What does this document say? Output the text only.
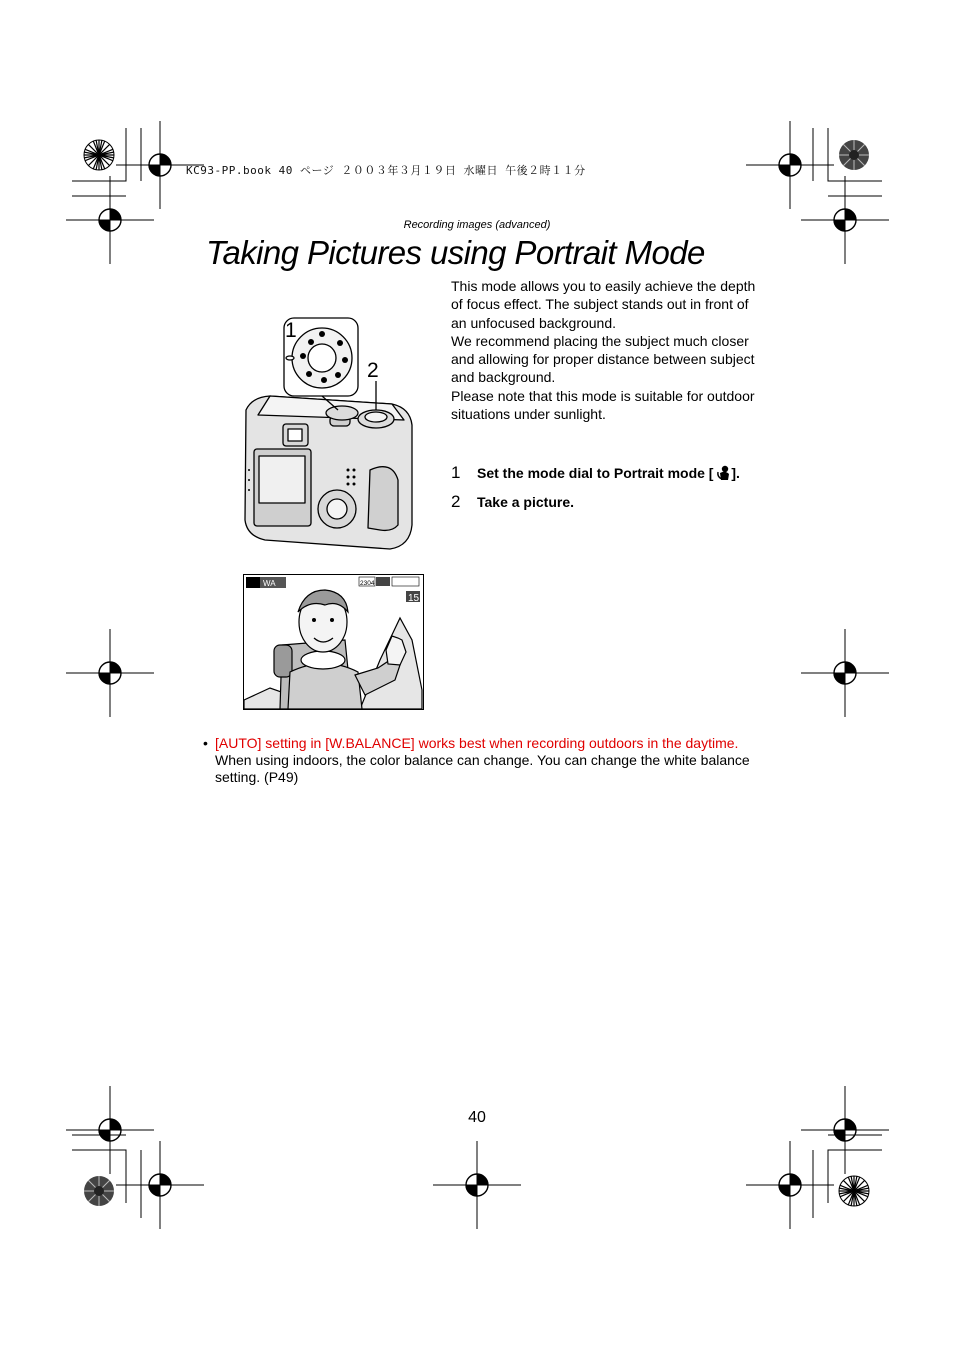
1
2
WA	2304
15
KC93-PP.book 40 ページ ２００３年３月１９日 水曜日 午後２時１１分
Recording images (advanced)
Taking Pictures using Portrait Mode

This mode allows you to easily achieve the depth of focus effect. The subject stands out in front of an unfocused background.

We recommend placing the subject much closer and allowing for proper distance between subject and background.

Please note that this mode is suitable for outdoor situations under sunlight.

1 Set the mode dial to Portrait mode [ ].
2 Take a picture.
• [AUTO] setting in [W.BALANCE] works best when recording outdoors in the daytime. When using indoors, the color balance can change. You can change the white balance setting. (P49)
40
